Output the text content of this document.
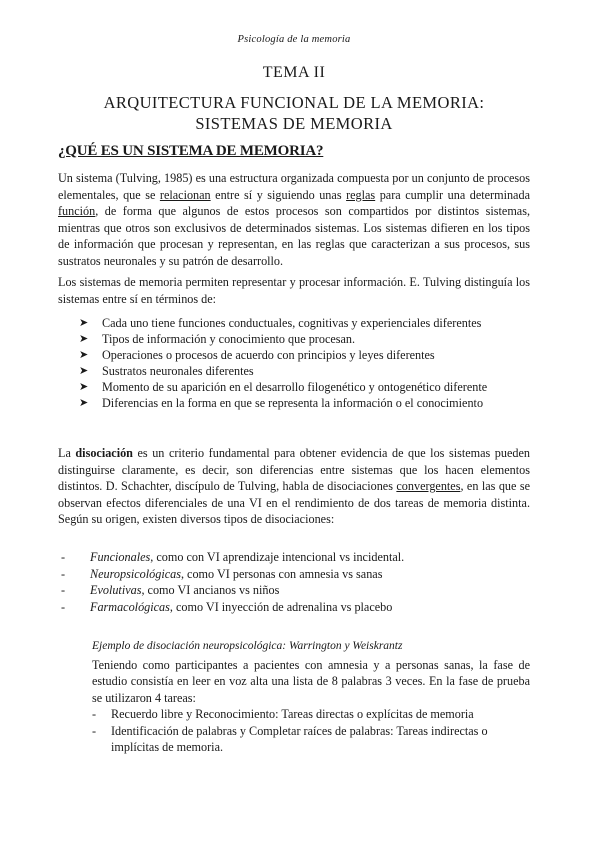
Psicología de la memoria
TEMA II
ARQUITECTURA FUNCIONAL DE LA MEMORIA:
SISTEMAS DE MEMORIA
¿QUÉ ES UN SISTEMA DE MEMORIA?

Un sistema (Tulving, 1985) es una estructura organizada compuesta por un conjunto de procesos elementales, que se relacionan entre sí y siguiendo unas reglas para cumplir una determinada función, de forma que algunos de estos procesos son compartidos por distintos sistemas, mientras que otros son exclusivos de determinados sistemas. Los sistemas difieren en los tipos de información que procesan y representan, en las reglas que caracterizan a sus procesos, sus sustratos neuronales y su patrón de desarrollo.

Los sistemas de memoria permiten representar y procesar información. E. Tulving distinguía los sistemas entre sí en términos de:

➤ Cada uno tiene funciones conductuales, cognitivas y experienciales diferentes
➤ Tipos de información y conocimiento que procesan.
➤ Operaciones o procesos de acuerdo con principios y leyes diferentes
➤ Sustratos neuronales diferentes
➤ Momento de su aparición en el desarrollo filogenético y ontogenético diferente
➤ Diferencias en la forma en que se representa la información o el conocimiento

La disociación es un criterio fundamental para obtener evidencia de que los sistemas pueden distinguirse claramente, es decir, son diferencias entre sistemas que los hacen elementos distintos. D. Schachter, discípulo de Tulving, habla de disociaciones convergentes, en las que se observan efectos diferenciales de una VI en el rendimiento de dos tareas de memoria distinta. Según su origen, existen diversos tipos de disociaciones:

- Funcionales, como con VI aprendizaje intencional vs incidental.
- Neuropsicológicas, como VI personas con amnesia vs sanas
- Evolutivas, como VI ancianos vs niños
- Farmacológicas, como VI inyección de adrenalina vs placebo
Ejemplo de disociación neuropsicológica: Warrington y Weiskrantz
Teniendo como participantes a pacientes con amnesia y a personas sanas, la fase de estudio consistía en leer en voz alta una lista de 8 palabras 3 veces. En la fase de prueba se utilizaron 4 tareas:
- Recuerdo libre y Reconocimiento: Tareas directas o explícitas de memoria
- Identificación de palabras y Completar raíces de palabras: Tareas indirectas o implícitas de memoria.
